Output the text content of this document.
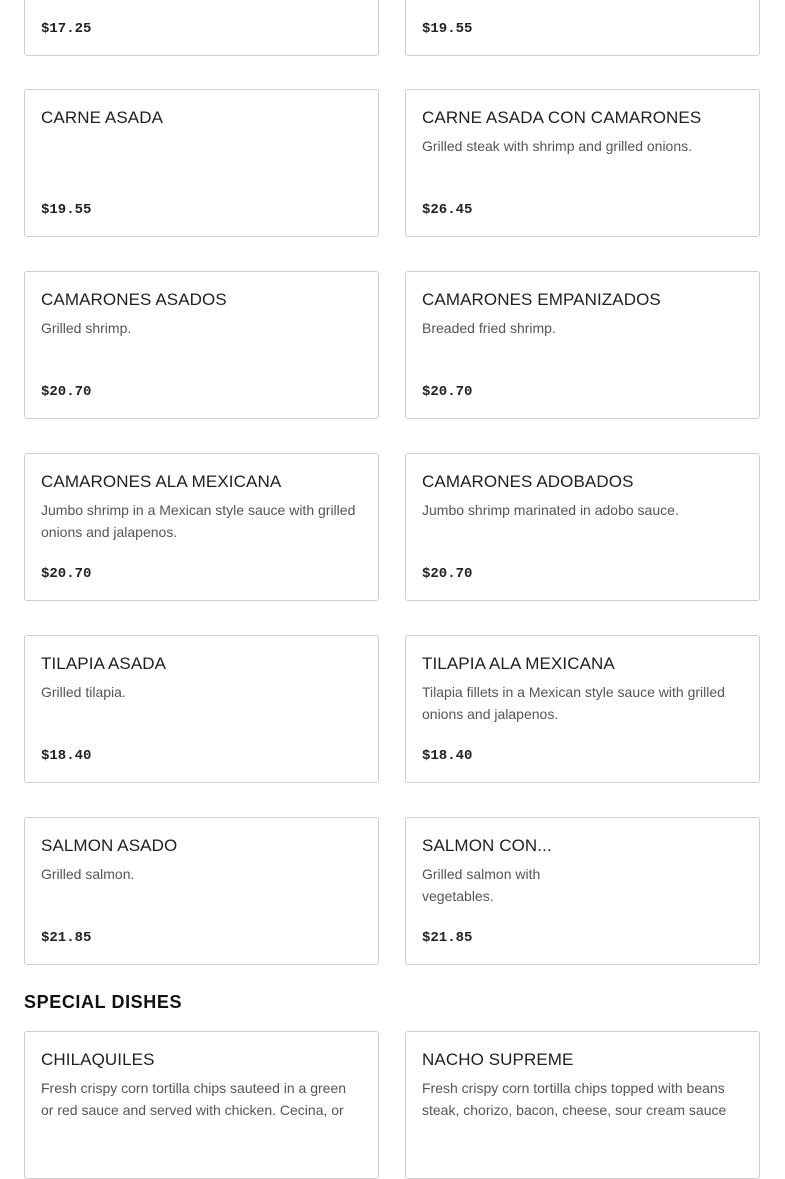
$17.25	$19.55
CARNE ASADA
$19.55
CARNE ASADA CON CAMARONES
Grilled steak with shrimp and grilled onions.
$26.45
CAMARONES ASADOS
Grilled shrimp.
$20.70
CAMARONES EMPANIZADOS
Breaded fried shrimp.
$20.70
CAMARONES ALA MEXICANA
Jumbo shrimp in a Mexican style sauce with grilled onions and jalapenos.
$20.70
CAMARONES ADOBADOS
Jumbo shrimp marinated in adobo sauce.
$20.70
TILAPIA ASADA
Grilled tilapia.
$18.40
TILAPIA ALA MEXICANA
Tilapia fillets in a Mexican style sauce with grilled onions and jalapenos.
$18.40
SALMON ASADO
Grilled salmon.
$21.85
SALMON CON...
Grilled salmon with vegetables.
$21.85
SPECIAL DISHES
CHILAQUILES
Fresh crispy corn tortilla chips sauteed in a green or red sauce and served with chicken. Cecina, or
NACHO SUPREME
Fresh crispy corn tortilla chips topped with beans steak, chorizo, bacon, cheese, sour cream sauce
